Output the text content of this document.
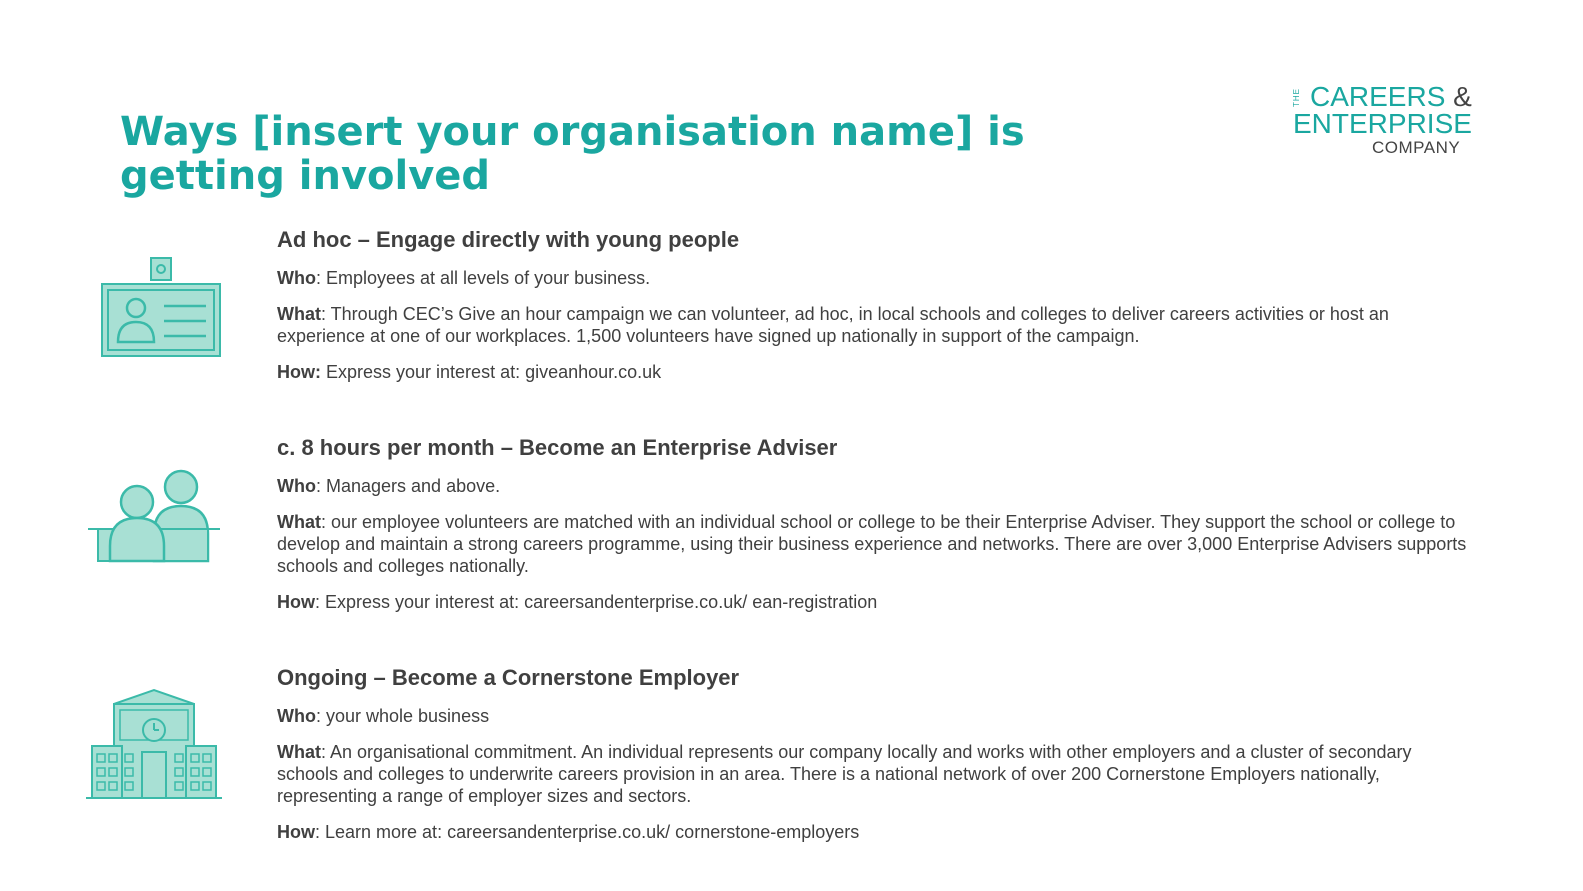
Ways [insert your organisation name] is getting involved
THE CAREERS &
ENTERPRISE
COMPANY
Ad hoc – Engage directly with young people

Who: Employees at all levels of your business.

What: Through CEC’s Give an hour campaign we can volunteer, ad hoc, in local schools and colleges to deliver careers activities or host an experience at one of our workplaces. 1,500 volunteers have signed up nationally in support of the campaign.

How: Express your interest at: giveanhour.co.uk

c. 8 hours per month – Become an Enterprise Adviser

Who: Managers and above.

What: our employee volunteers are matched with an individual school or college to be their Enterprise Adviser. They support the school or college to develop and maintain a strong careers programme, using their business experience and networks. There are over 3,000 Enterprise Advisers supports schools and colleges nationally.

How: Express your interest at: careersandenterprise.co.uk/ ean-registration

Ongoing – Become a Cornerstone Employer

Who: your whole business

What: An organisational commitment. An individual represents our company locally and works with other employers and a cluster of secondary schools and colleges to underwrite careers provision in an area. There is a national network of over 200 Cornerstone Employers nationally, representing a range of employer sizes and sectors.

How: Learn more at: careersandenterprise.co.uk/ cornerstone-employers
